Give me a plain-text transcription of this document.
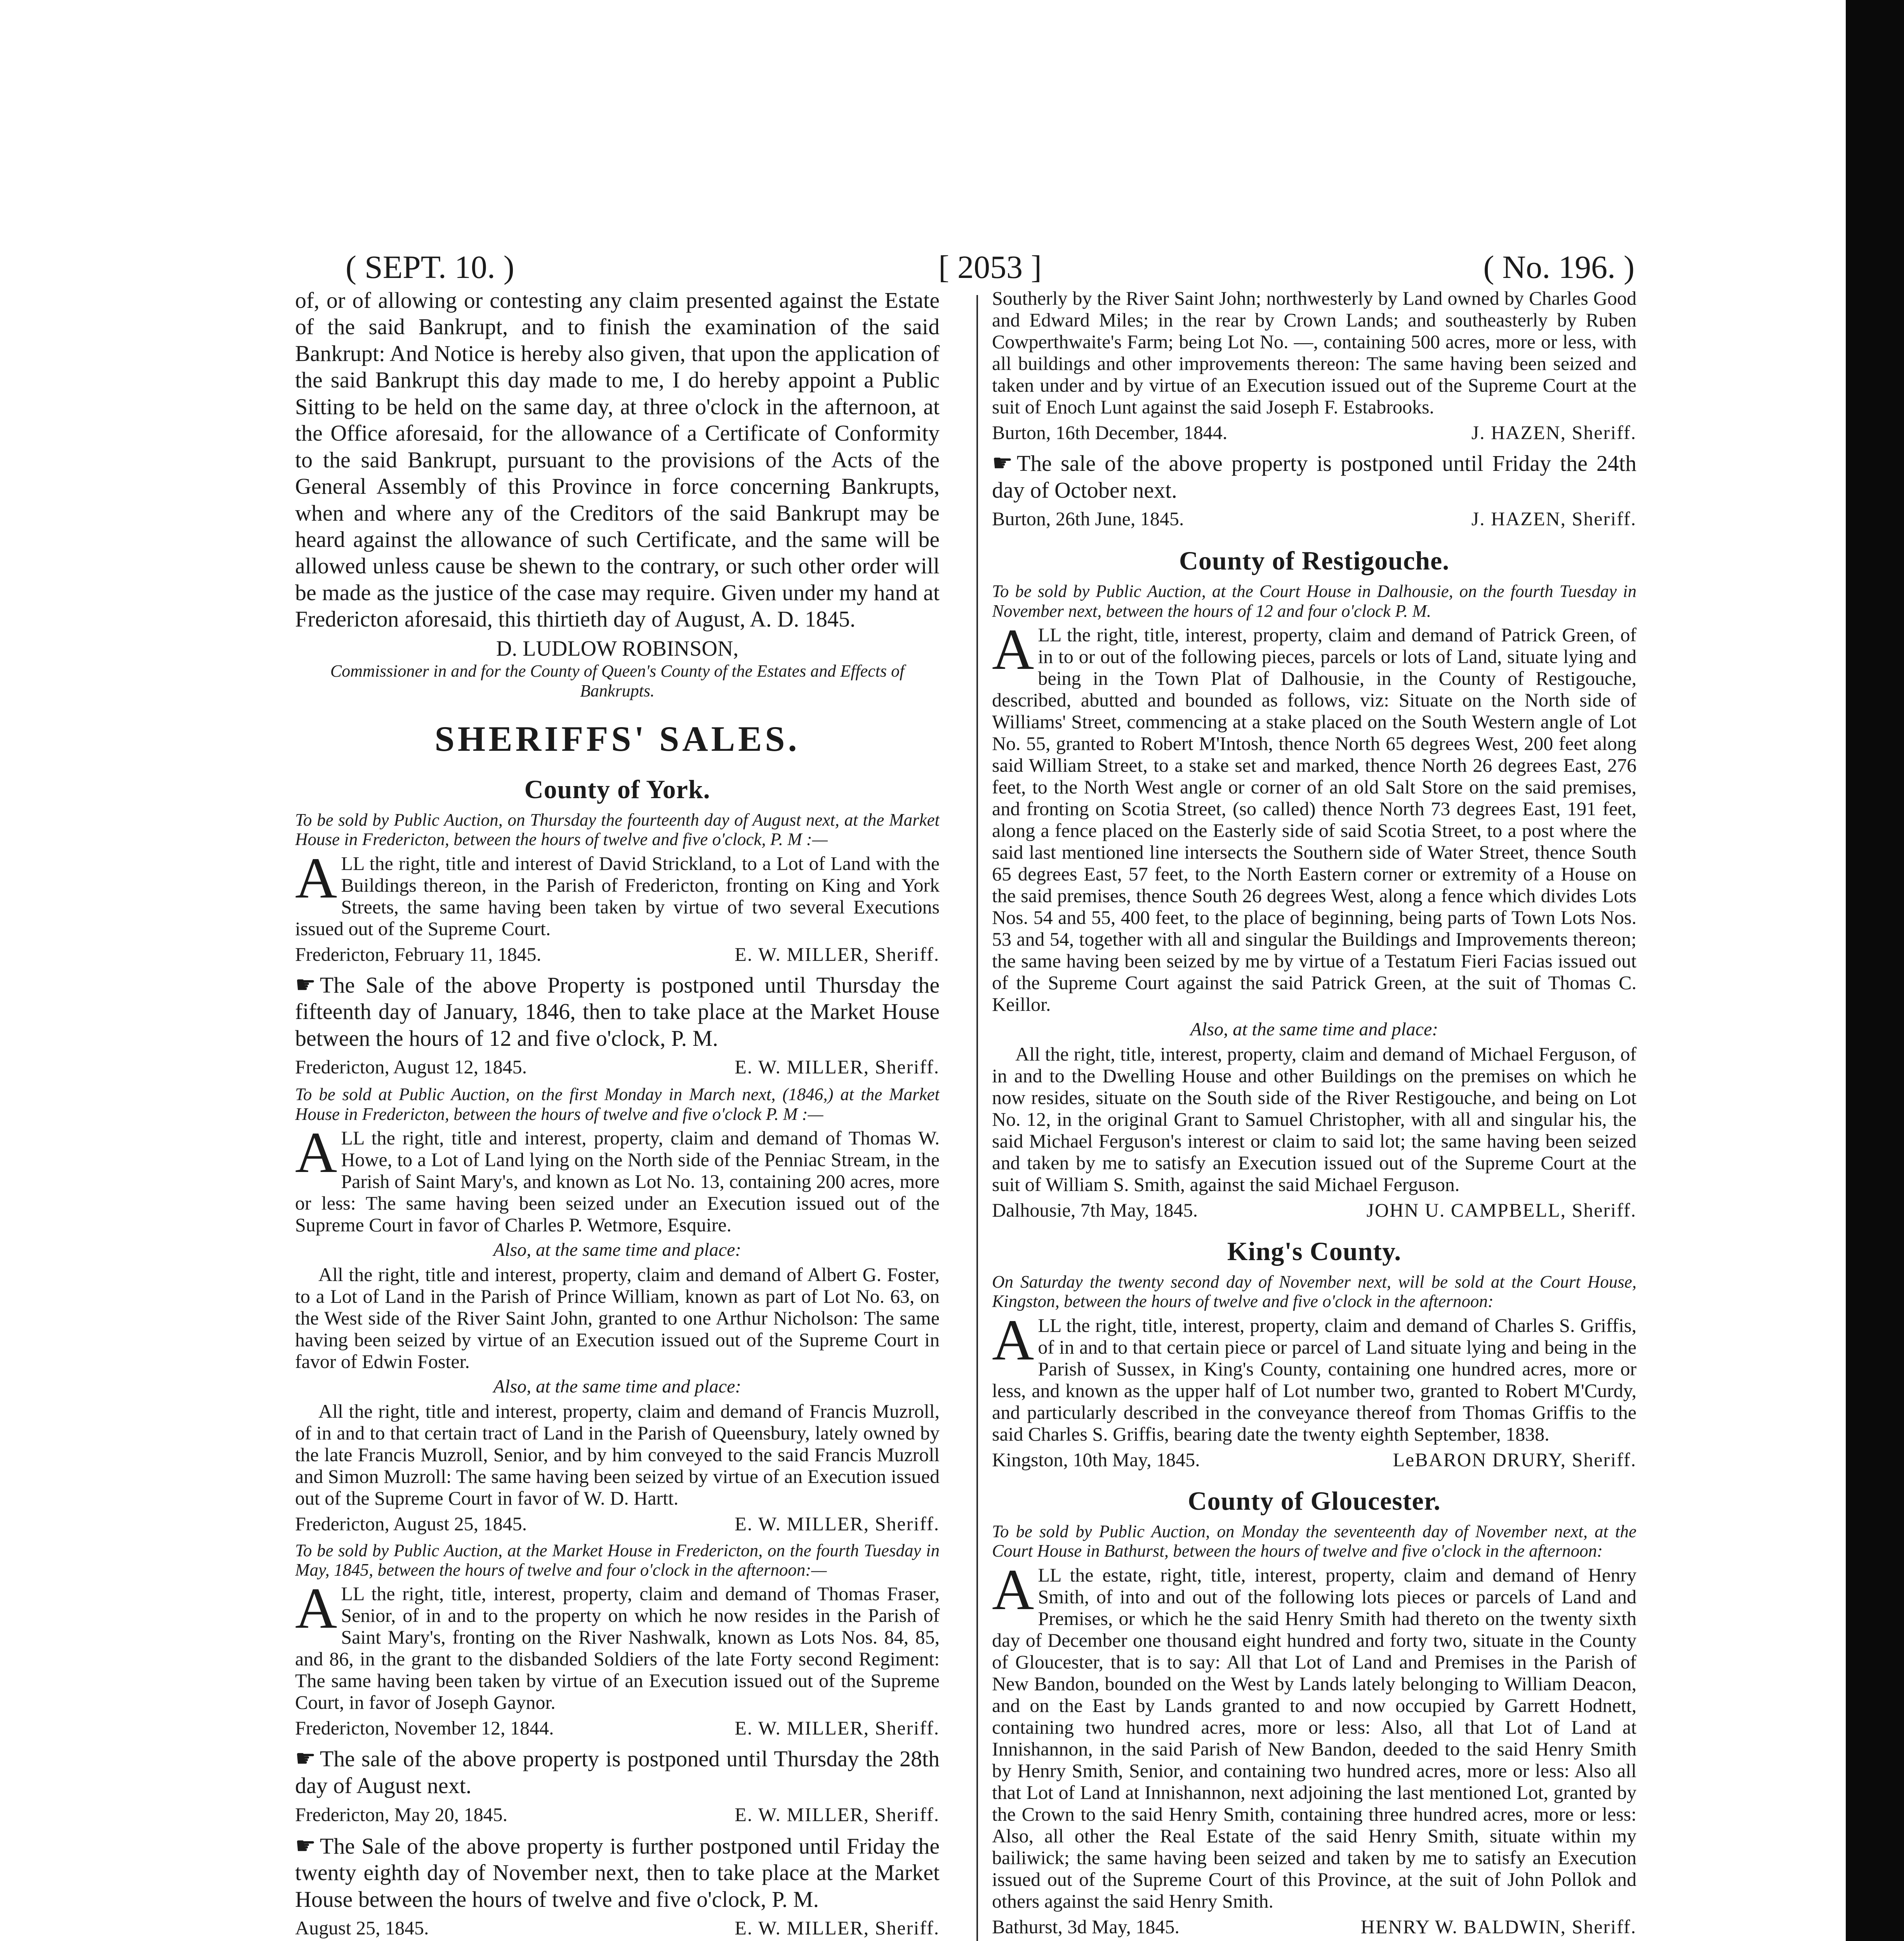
( SEPT. 10. )	[ 2053 ]	( No. 196. )

of, or of allowing or contesting any claim presented against the Estate of the said Bankrupt, and to finish the examination of the said Bankrupt: And Notice is hereby also given, that upon the application of the said Bankrupt this day made to me, I do hereby appoint a Public Sitting to be held on the same day, at three o'clock in the afternoon, at the Office aforesaid, for the allowance of a Certificate of Conformity to the said Bankrupt, pursuant to the provisions of the Acts of the General Assembly of this Province in force concerning Bankrupts, when and where any of the Creditors of the said Bankrupt may be heard against the allowance of such Certificate, and the same will be allowed unless cause be shewn to the contrary, or such other order will be made as the justice of the case may require. Given under my hand at Fredericton aforesaid, this thirtieth day of August, A. D. 1845.

D. LUDLOW ROBINSON,
Commissioner in and for the County of Queen's County of the Estates and Effects of Bankrupts.
SHERIFFS' SALES.
County of York.

To be sold by Public Auction, on Thursday the fourteenth day of August next, at the Market House in Fredericton, between the hours of twelve and five o'clock, P. M :—

ALL the right, title and interest of David Strickland, to a Lot of Land with the Buildings thereon, in the Parish of Fredericton, fronting on King and York Streets, the same having been taken by virtue of two several Executions issued out of the Supreme Court.

Fredericton, February 11, 1845.	E. W. MILLER, Sheriff.

☛ The Sale of the above Property is postponed until Thursday the fifteenth day of January, 1846, then to take place at the Market House between the hours of 12 and five o'clock, P. M.

Fredericton, August 12, 1845.	E. W. MILLER, Sheriff.

To be sold at Public Auction, on the first Monday in March next, (1846,) at the Market House in Fredericton, between the hours of twelve and five o'clock P. M :—

ALL the right, title and interest, property, claim and demand of Thomas W. Howe, to a Lot of Land lying on the North side of the Penniac Stream, in the Parish of Saint Mary's, and known as Lot No. 13, containing 200 acres, more or less: The same having been seized under an Execution issued out of the Supreme Court in favor of Charles P. Wetmore, Esquire.

Also, at the same time and place:

All the right, title and interest, property, claim and demand of Albert G. Foster, to a Lot of Land in the Parish of Prince William, known as part of Lot No. 63, on the West side of the River Saint John, granted to one Arthur Nicholson: The same having been seized by virtue of an Execution issued out of the Supreme Court in favor of Edwin Foster.

Also, at the same time and place:

All the right, title and interest, property, claim and demand of Francis Muzroll, of in and to that certain tract of Land in the Parish of Queensbury, lately owned by the late Francis Muzroll, Senior, and by him conveyed to the said Francis Muzroll and Simon Muzroll: The same having been seized by virtue of an Execution issued out of the Supreme Court in favor of W. D. Hartt.

Fredericton, August 25, 1845.	E. W. MILLER, Sheriff.

To be sold by Public Auction, at the Market House in Fredericton, on the fourth Tuesday in May, 1845, between the hours of twelve and four o'clock in the afternoon:—

ALL the right, title, interest, property, claim and demand of Thomas Fraser, Senior, of in and to the property on which he now resides in the Parish of Saint Mary's, fronting on the River Nashwalk, known as Lots Nos. 84, 85, and 86, in the grant to the disbanded Soldiers of the late Forty second Regiment: The same having been taken by virtue of an Execution issued out of the Supreme Court, in favor of Joseph Gaynor.

Fredericton, November 12, 1844.	E. W. MILLER, Sheriff.

☛ The sale of the above property is postponed until Thursday the 28th day of August next.

Fredericton, May 20, 1845.	E. W. MILLER, Sheriff.

☛ The Sale of the above property is further postponed until Friday the twenty eighth day of November next, then to take place at the Market House between the hours of twelve and five o'clock, P. M.

August 25, 1845.	E. W. MILLER, Sheriff.

Southerly by the River Saint John; northwesterly by Land owned by Charles Good and Edward Miles; in the rear by Crown Lands; and southeasterly by Ruben Cowperthwaite's Farm; being Lot No. —, containing 500 acres, more or less, with all buildings and other improvements thereon: The same having been seized and taken under and by virtue of an Execution issued out of the Supreme Court at the suit of Enoch Lunt against the said Joseph F. Estabrooks.

Burton, 16th December, 1844.	J. HAZEN, Sheriff.

☛ The sale of the above property is postponed until Friday the 24th day of October next.

Burton, 26th June, 1845.	J. HAZEN, Sheriff.
County of Restigouche.

To be sold by Public Auction, at the Court House in Dalhousie, on the fourth Tuesday in November next, between the hours of 12 and four o'clock P. M.

ALL the right, title, interest, property, claim and demand of Patrick Green, of in to or out of the following pieces, parcels or lots of Land, situate lying and being in the Town Plat of Dalhousie, in the County of Restigouche, described, abutted and bounded as follows, viz: Situate on the North side of Williams' Street, commencing at a stake placed on the South Western angle of Lot No. 55, granted to Robert M'Intosh, thence North 65 degrees West, 200 feet along said William Street, to a stake set and marked, thence North 26 degrees East, 276 feet, to the North West angle or corner of an old Salt Store on the said premises, and fronting on Scotia Street, (so called) thence North 73 degrees East, 191 feet, along a fence placed on the Easterly side of said Scotia Street, to a post where the said last mentioned line intersects the Southern side of Water Street, thence South 65 degrees East, 57 feet, to the North Eastern corner or extremity of a House on the said premises, thence South 26 degrees West, along a fence which divides Lots Nos. 54 and 55, 400 feet, to the place of beginning, being parts of Town Lots Nos. 53 and 54, together with all and singular the Buildings and Improvements thereon; the same having been seized by me by virtue of a Testatum Fieri Facias issued out of the Supreme Court against the said Patrick Green, at the suit of Thomas C. Keillor.

Also, at the same time and place:

All the right, title, interest, property, claim and demand of Michael Ferguson, of in and to the Dwelling House and other Buildings on the premises on which he now resides, situate on the South side of the River Restigouche, and being on Lot No. 12, in the original Grant to Samuel Christopher, with all and singular his, the said Michael Ferguson's interest or claim to said lot; the same having been seized and taken by me to satisfy an Execution issued out of the Supreme Court at the suit of William S. Smith, against the said Michael Ferguson.

Dalhousie, 7th May, 1845.	JOHN U. CAMPBELL, Sheriff.
King's County.

On Saturday the twenty second day of November next, will be sold at the Court House, Kingston, between the hours of twelve and five o'clock in the afternoon:

ALL the right, title, interest, property, claim and demand of Charles S. Griffis, of in and to that certain piece or parcel of Land situate lying and being in the Parish of Sussex, in King's County, containing one hundred acres, more or less, and known as the upper half of Lot number two, granted to Robert M'Curdy, and particularly described in the conveyance thereof from Thomas Griffis to the said Charles S. Griffis, bearing date the twenty eighth September, 1838.

Kingston, 10th May, 1845.	LeBARON DRURY, Sheriff.
County of Gloucester.

To be sold by Public Auction, on Monday the seventeenth day of November next, at the Court House in Bathurst, between the hours of twelve and five o'clock in the afternoon:

ALL the estate, right, title, interest, property, claim and demand of Henry Smith, of into and out of the following lots pieces or parcels of Land and Premises, or which he the said Henry Smith had thereto on the twenty sixth day of December one thousand eight hundred and forty two, situate in the County of Gloucester, that is to say: All that Lot of Land and Premises in the Parish of New Bandon, bounded on the West by Lands lately belonging to William Deacon, and on the East by Lands granted to and now occupied by Garrett Hodnett, containing two hundred acres, more or less: Also, all that Lot of Land at Innishannon, in the said Parish of New Bandon, deeded to the said Henry Smith by Henry Smith, Senior, and containing two hundred acres, more or less: Also all that Lot of Land at Innishannon, next adjoining the last mentioned Lot, granted by the Crown to the said Henry Smith, containing three hundred acres, more or less: Also, all other the Real Estate of the said Henry Smith, situate within my bailiwick; the same having been seized and taken by me to satisfy an Execution issued out of the Supreme Court of this Province, at the suit of John Pollok and others against the said Henry Smith.

Bathurst, 3d May, 1845.	HENRY W. BALDWIN, Sheriff.
